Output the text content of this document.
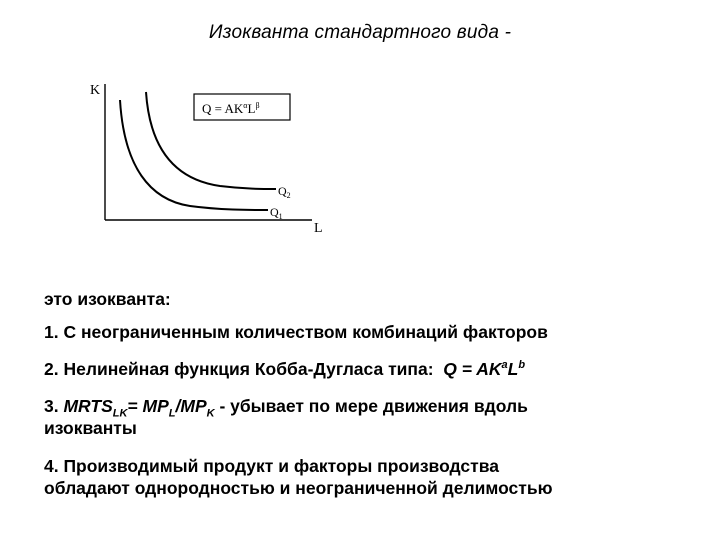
Изокванта стандартного вида -
K
L
$Q = AK^\alpha L^\beta$
$Q_2$
$Q_1$
это изокванта:
1. С неограниченным количеством комбинаций факторов
2. Нелинейная функция Кобба-Дугласа типа: $Q = AK^aL^b$
3. $MRTS_{LK}= MP_L/MP_K$ - убывает по мере движения вдоль
изокванты
4. Производимый продукт и факторы производства
обладают однородностью и неограниченной делимостью
